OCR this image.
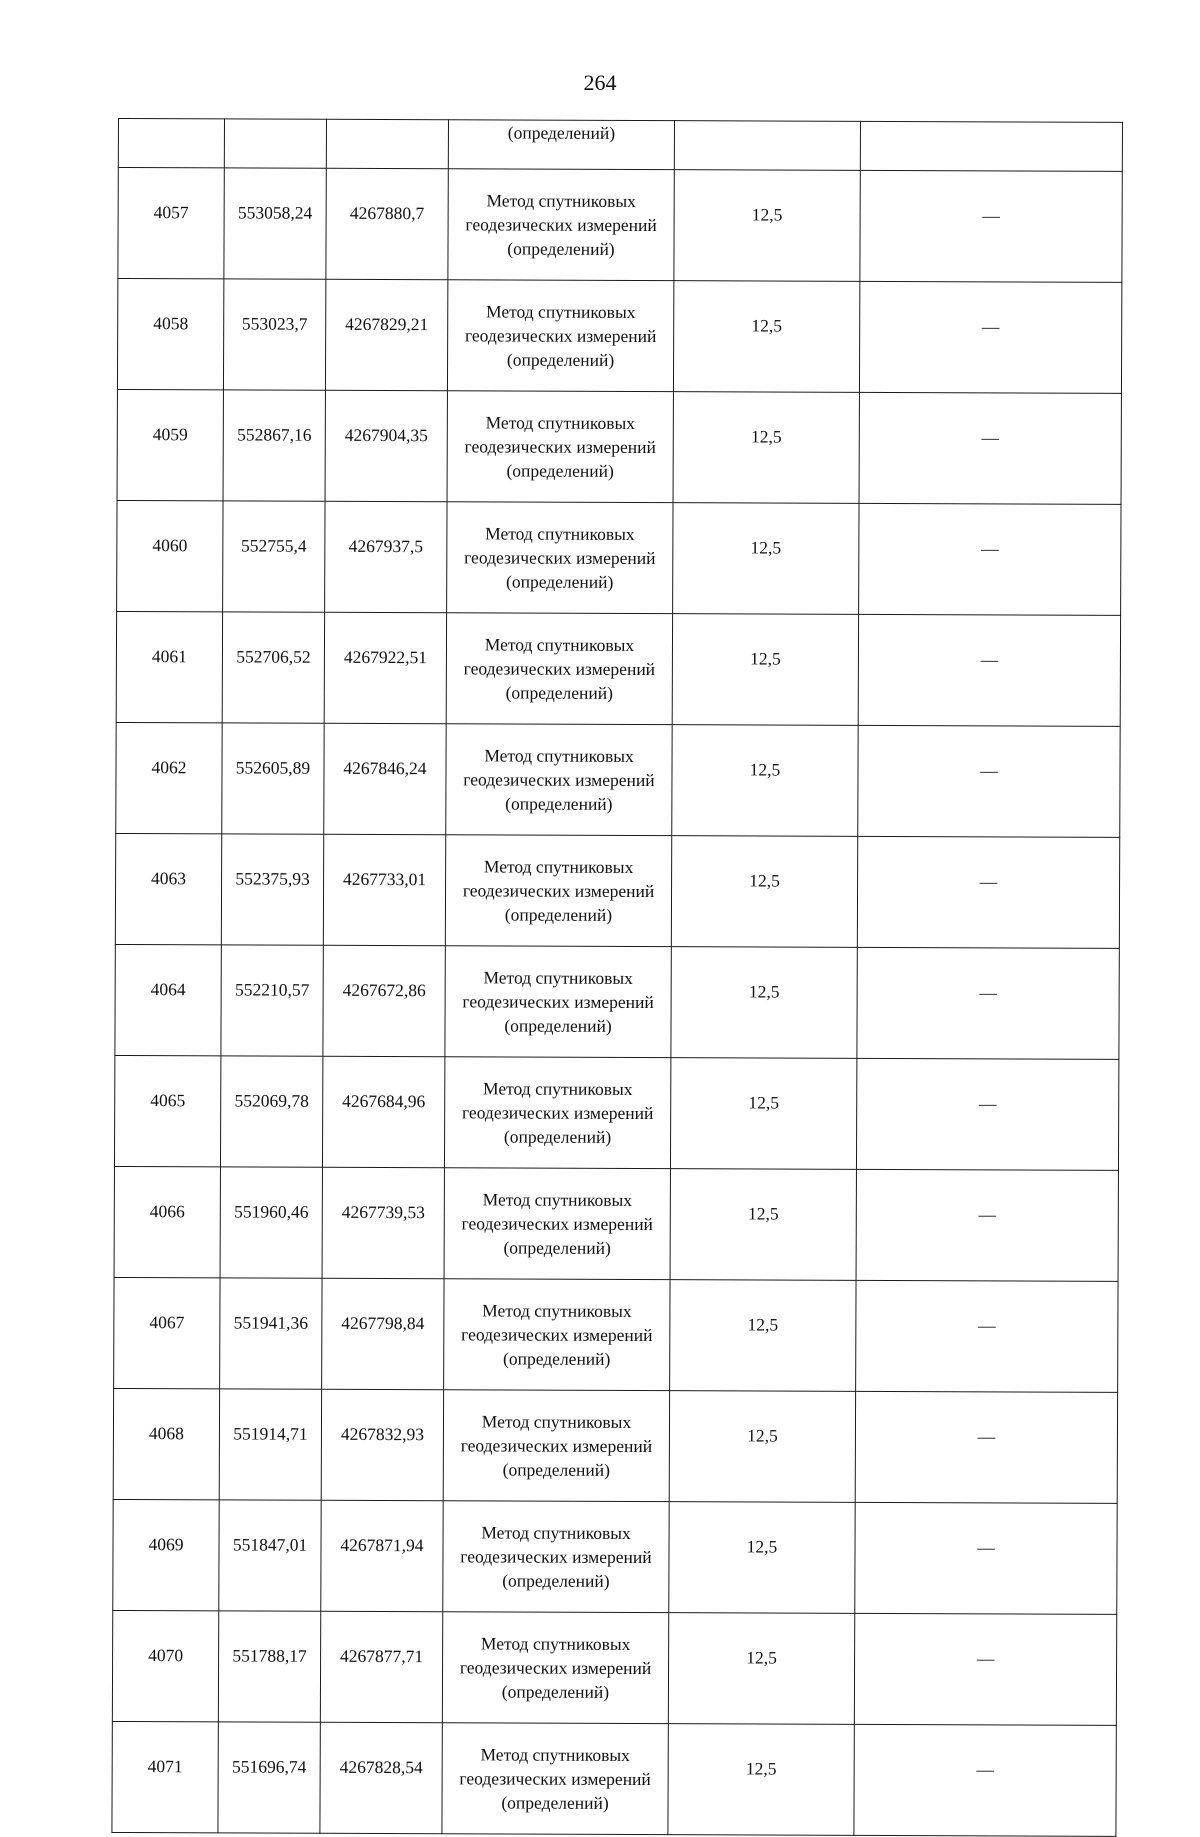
264
			(определений)		
4057	553058,24	4267880,7	Метод спутниковых
геодезических измерений
(определений)	12,5	—
4058	553023,7	4267829,21	Метод спутниковых
геодезических измерений
(определений)	12,5	—
4059	552867,16	4267904,35	Метод спутниковых
геодезических измерений
(определений)	12,5	—
4060	552755,4	4267937,5	Метод спутниковых
геодезических измерений
(определений)	12,5	—
4061	552706,52	4267922,51	Метод спутниковых
геодезических измерений
(определений)	12,5	—
4062	552605,89	4267846,24	Метод спутниковых
геодезических измерений
(определений)	12,5	—
4063	552375,93	4267733,01	Метод спутниковых
геодезических измерений
(определений)	12,5	—
4064	552210,57	4267672,86	Метод спутниковых
геодезических измерений
(определений)	12,5	—
4065	552069,78	4267684,96	Метод спутниковых
геодезических измерений
(определений)	12,5	—
4066	551960,46	4267739,53	Метод спутниковых
геодезических измерений
(определений)	12,5	—
4067	551941,36	4267798,84	Метод спутниковых
геодезических измерений
(определений)	12,5	—
4068	551914,71	4267832,93	Метод спутниковых
геодезических измерений
(определений)	12,5	—
4069	551847,01	4267871,94	Метод спутниковых
геодезических измерений
(определений)	12,5	—
4070	551788,17	4267877,71	Метод спутниковых
геодезических измерений
(определений)	12,5	—
4071	551696,74	4267828,54	Метод спутниковых
геодезических измерений
(определений)	12,5	—
